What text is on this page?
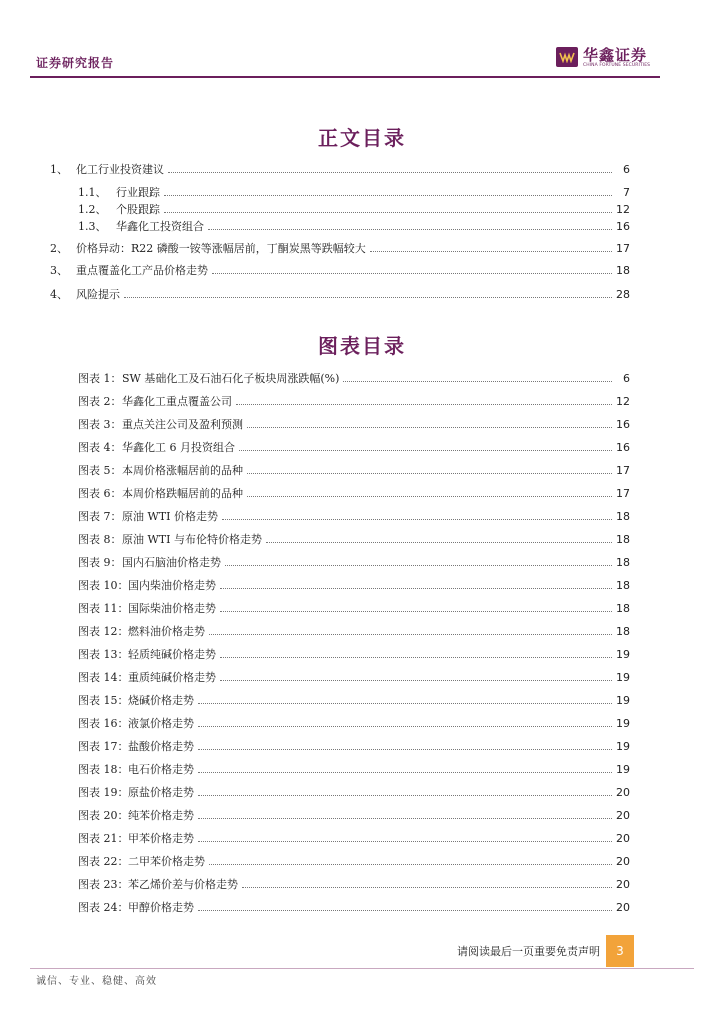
证券研究报告	华鑫证券
CHINA FORTUNE SECURITIES
正文目录
1、 化工行业投资建议	6
1.1、 行业跟踪	7
1.2、 个股跟踪	12
1.3、 华鑫化工投资组合	16
2、 价格异动：R22 磷酸一铵等涨幅居前，丁酮炭黑等跌幅较大	17
3、 重点覆盖化工产品价格走势	18
4、 风险提示	28
图表目录
图表 1： SW 基础化工及石油石化子板块周涨跌幅(%)	6
图表 2： 华鑫化工重点覆盖公司	12
图表 3： 重点关注公司及盈利预测	16
图表 4： 华鑫化工 6 月投资组合	16
图表 5： 本周价格涨幅居前的品种	17
图表 6： 本周价格跌幅居前的品种	17
图表 7： 原油 WTI 价格走势	18
图表 8： 原油 WTI 与布伦特价格走势	18
图表 9： 国内石脑油价格走势	18
图表 10： 国内柴油价格走势	18
图表 11： 国际柴油价格走势	18
图表 12： 燃料油价格走势	18
图表 13： 轻质纯碱价格走势	19
图表 14： 重质纯碱价格走势	19
图表 15： 烧碱价格走势	19
图表 16： 液氯价格走势	19
图表 17： 盐酸价格走势	19
图表 18： 电石价格走势	19
图表 19： 原盐价格走势	20
图表 20： 纯苯价格走势	20
图表 21： 甲苯价格走势	20
图表 22： 二甲苯价格走势	20
图表 23： 苯乙烯价差与价格走势	20
图表 24： 甲醇价格走势	20
请阅读最后一页重要免责声明	3
诚信、专业、稳健、高效
